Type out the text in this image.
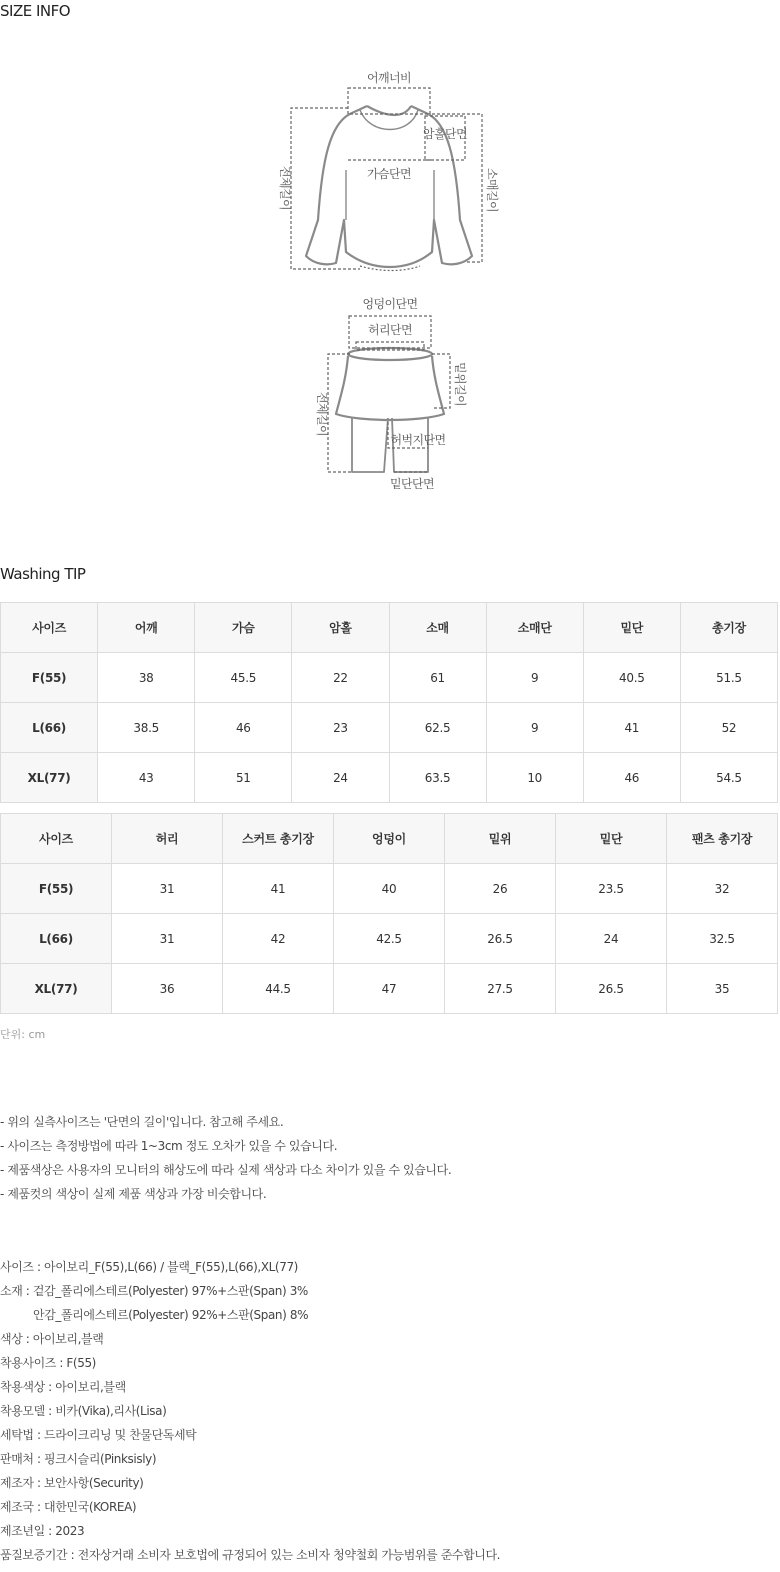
SIZE INFO
어깨너비
암홀단면
가슴단면
전체길이	소매길이
엉덩이단면
허리단면
밑위길이
전체길이
허벅지단면
밑단단면
Washing TIP
사이즈	어깨	가슴	암홀	소매	소매단	밑단	총기장
F(55)	38	45.5	22	61	9	40.5	51.5
L(66)	38.5	46	23	62.5	9	41	52
XL(77)	43	51	24	63.5	10	46	54.5
사이즈	허리	스커트 총기장	엉덩이	밑위	밑단	팬츠 총기장
F(55)	31	41	40	26	23.5	32
L(66)	31	42	42.5	26.5	24	32.5
XL(77)	36	44.5	47	27.5	26.5	35
단위: cm
- 위의 실측사이즈는 '단면의 길이'입니다. 참고해 주세요.
- 사이즈는 측정방법에 따라 1~3cm 정도 오차가 있을 수 있습니다.
- 제품색상은 사용자의 모니터의 해상도에 따라 실제 색상과 다소 차이가 있을 수 있습니다.
- 제품컷의 색상이 실제 제품 색상과 가장 비슷합니다.
사이즈 : 아이보리_F(55),L(66) / 블랙_F(55),L(66),XL(77)
소재 : 겉감_폴리에스테르(Polyester) 97%+스판(Span) 3%
안감_폴리에스테르(Polyester) 92%+스판(Span) 8%
색상 : 아이보리,블랙
착용사이즈 : F(55)
착용색상 : 아이보리,블랙
착용모델 : 비카(Vika),리사(Lisa)
세탁법 : 드라이크리닝 및 찬물단독세탁
판매처 : 핑크시슬리(Pinksisly)
제조자 : 보안사항(Security)
제조국 : 대한민국(KOREA)
제조년일 : 2023
품질보증기간 : 전자상거래 소비자 보호법에 규정되어 있는 소비자 청약철회 가능범위를 준수합니다.
